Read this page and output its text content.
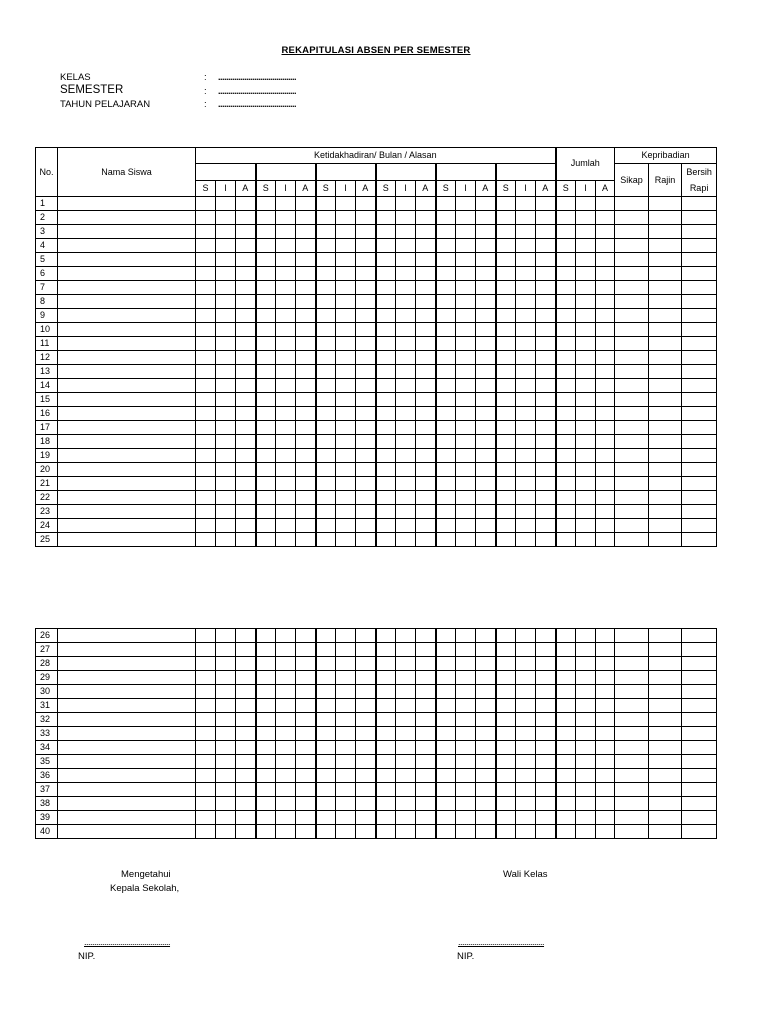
REKAPITULASI ABSEN PER SEMESTER
KELAS	: .......................................
SEMESTER	: .......................................
TAHUN PELAJARAN	: .......................................
No.	Nama Siswa	Ketidakhadiran/ Bulan / Alasan																		Jumlah			Kepribadian		
																							Sikap	Rajin	Bersih
Rapi

		S	I	A	S	I	A	S	I	A	S	I	A	S	I	A	S	I	A	S	I	A			
1																									
2																									
3																									
4																									
5																									
6																									
7																									
8																									
9																									
10																									
11																									
12																									
13																									
14																									
15																									
16																									
17																									
18																									
19																									
20																									
21																									
22																									
23																									
24																									
25																									
26																									
27																									
28																									
29																									
30																									
31																									
32																									
33																									
34																									
35																									
36																									
37																									
38																									
39																									
40																									
Mengetahui
Kepala Sekolah,
Wali Kelas
...........................................
NIP.
...........................................
NIP.
